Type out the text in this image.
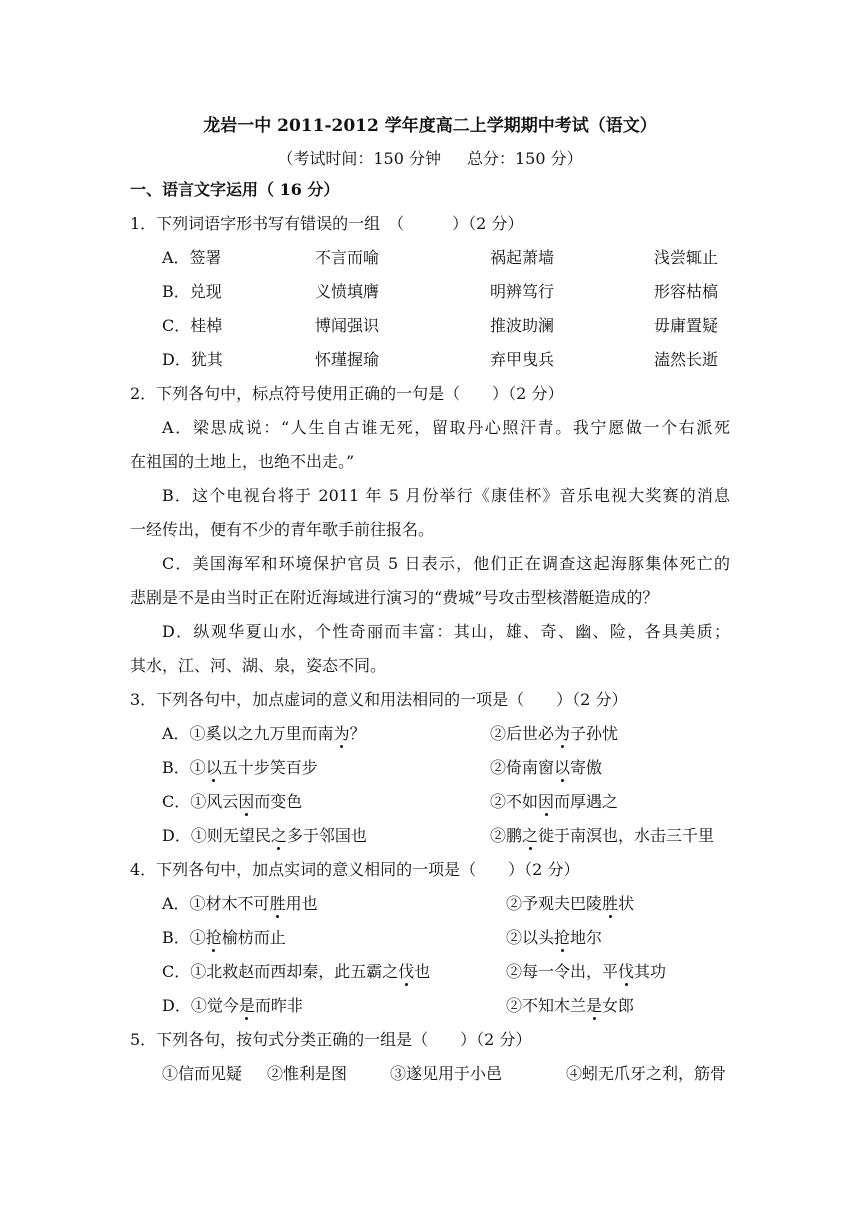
龙岩一中 2011-2012 学年度高二上学期期中考试（语文）
（考试时间：150 分钟 总分：150 分）
一、语言文字运用（ 16 分）
1．下列词语字形书写有错误的一组　（　　　）（2 分）
A．签署	不言而喻	祸起萧墙	浅尝辄止
B．兑现	义愤填膺	明辨笃行	形容枯槁
C．桂棹	博闻强识	推波助澜	毋庸置疑
D．犹其	怀瑾握瑜	弃甲曳兵	溘然长逝
2．下列各句中，标点符号使用正确的一句是（　　）（2 分）
A．梁思成说：“人生自古谁无死，留取丹心照汗青。我宁愿做一个右派死
在祖国的土地上，也绝不出走。”
B．这个电视台将于 2011 年 5 月份举行《康佳杯》音乐电视大奖赛的消息
一经传出，便有不少的青年歌手前往报名。
C．美国海军和环境保护官员 5 日表示，他们正在调查这起海豚集体死亡的
悲剧是不是由当时正在附近海域进行演习的“费城”号攻击型核潜艇造成的？
D．纵观华夏山水，个性奇丽而丰富：其山，雄、奇、幽、险，各具美质；
其水，江、河、湖、泉，姿态不同。
3．下列各句中，加点虚词的意义和用法相同的一项是（　　）（2 分）
A．①奚以之九万里而南为？	②后世必为子孙忧
B．①以五十步笑百步	②倚南窗以寄傲
C．①风云因而变色	②不如因而厚遇之
D．①则无望民之多于邻国也	②鹏之徙于南溟也，水击三千里
4．下列各句中，加点实词的意义相同的一项是（　　）（2 分）
A．①材木不可胜用也	②予观夫巴陵胜状
B．①抢榆枋而止	②以头抢地尔
C．①北救赵而西却秦，此五霸之伐也	②每一令出，平伐其功
D．①觉今是而昨非	②不知木兰是女郎
5．下列各句，按句式分类正确的一组是（　　）（2 分）
①信而见疑 ②惟利是图	③遂见用于小邑	④蚓无爪牙之利，筋骨
